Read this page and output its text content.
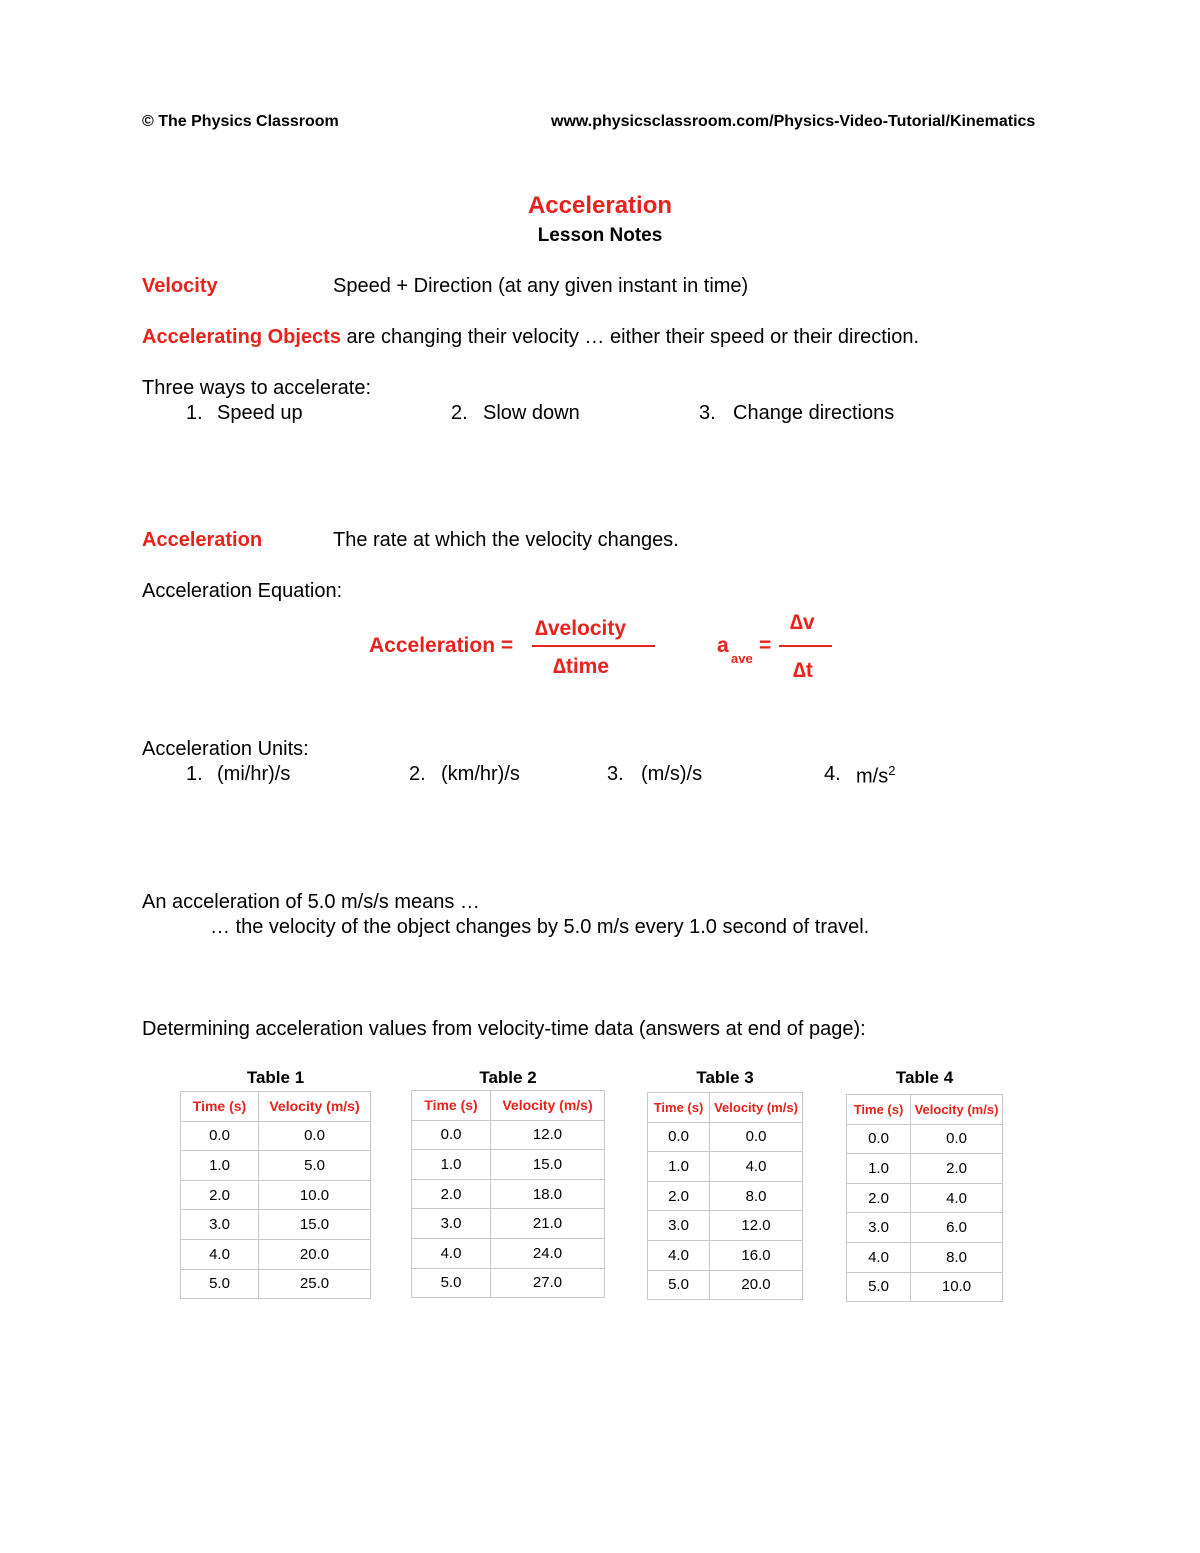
© The Physics Classroom	www.physicsclassroom.com/Physics-Video-Tutorial/Kinematics
Acceleration
Lesson Notes
Velocity	Speed + Direction (at any given instant in time)
Accelerating Objects are changing their velocity … either their speed or their direction.
Three ways to accelerate:
1. Speed up	2. Slow down	3. Change directions
Acceleration	The rate at which the velocity changes.
Acceleration Equation:
Acceleration =
∆velocity
∆time
a
ave
=
∆v
∆t
Acceleration Units:
1. (mi/hr)/s	2. (km/hr)/s	3. (m/s)/s	4. $m/s^2$
An acceleration of 5.0 m/s/s means …
… the velocity of the object changes by 5.0 m/s every 1.0 second of travel.
Determining acceleration values from velocity-time data (answers at end of page):
Table 1	Table 2	Table 3	Table 4
Time (s)	Velocity (m/s)
0.0	0.0
1.0	5.0
2.0	10.0
3.0	15.0
4.0	20.0
5.0	25.0
Time (s)	Velocity (m/s)
0.0	12.0
1.0	15.0
2.0	18.0
3.0	21.0
4.0	24.0
5.0	27.0
Time (s)	Velocity (m/s)
0.0	0.0
1.0	4.0
2.0	8.0
3.0	12.0
4.0	16.0
5.0	20.0
Time (s)	Velocity (m/s)
0.0	0.0
1.0	2.0
2.0	4.0
3.0	6.0
4.0	8.0
5.0	10.0
